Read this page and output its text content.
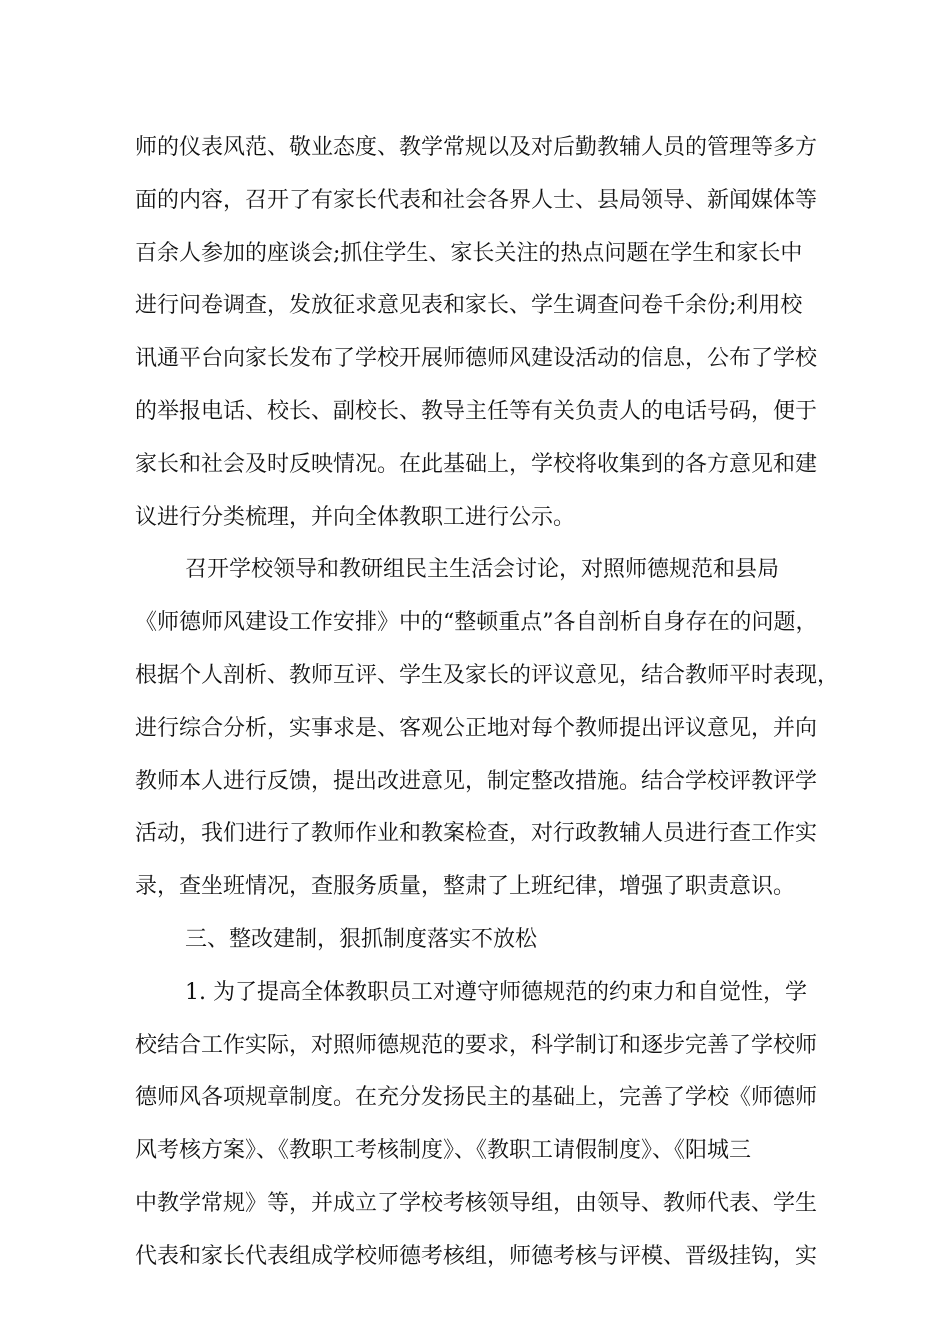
师的仪表风范、敬业态度、教学常规以及对后勤教辅人员的管理等多方
面的内容，召开了有家长代表和社会各界人士、县局领导、新闻媒体等
百余人参加的座谈会;抓住学生、家长关注的热点问题在学生和家长中
进行问卷调查，发放征求意见表和家长、学生调查问卷千余份;利用校
讯通平台向家长发布了学校开展师德师风建设活动的信息，公布了学校
的举报电话、校长、副校长、教导主任等有关负责人的电话号码，便于
家长和社会及时反映情况。在此基础上，学校将收集到的各方意见和建
议进行分类梳理，并向全体教职工进行公示。
召开学校领导和教研组民主生活会讨论，对照师德规范和县局
《师德师风建设工作安排》中的“整顿重点”各自剖析自身存在的问题，
根据个人剖析、教师互评、学生及家长的评议意见，结合教师平时表现，
进行综合分析，实事求是、客观公正地对每个教师提出评议意见，并向
教师本人进行反馈，提出改进意见，制定整改措施。结合学校评教评学
活动，我们进行了教师作业和教案检查，对行政教辅人员进行查工作实
录，查坐班情况，查服务质量，整肃了上班纪律，增强了职责意识。
三、整改建制，狠抓制度落实不放松
1. 为了提高全体教职员工对遵守师德规范的约束力和自觉性，学
校结合工作实际，对照师德规范的要求，科学制订和逐步完善了学校师
德师风各项规章制度。在充分发扬民主的基础上，完善了学校《师德师
风考核方案》、《教职工考核制度》、《教职工请假制度》、《阳城三
中教学常规》等，并成立了学校考核领导组，由领导、教师代表、学生
代表和家长代表组成学校师德考核组，师德考核与评模、晋级挂钩，实
